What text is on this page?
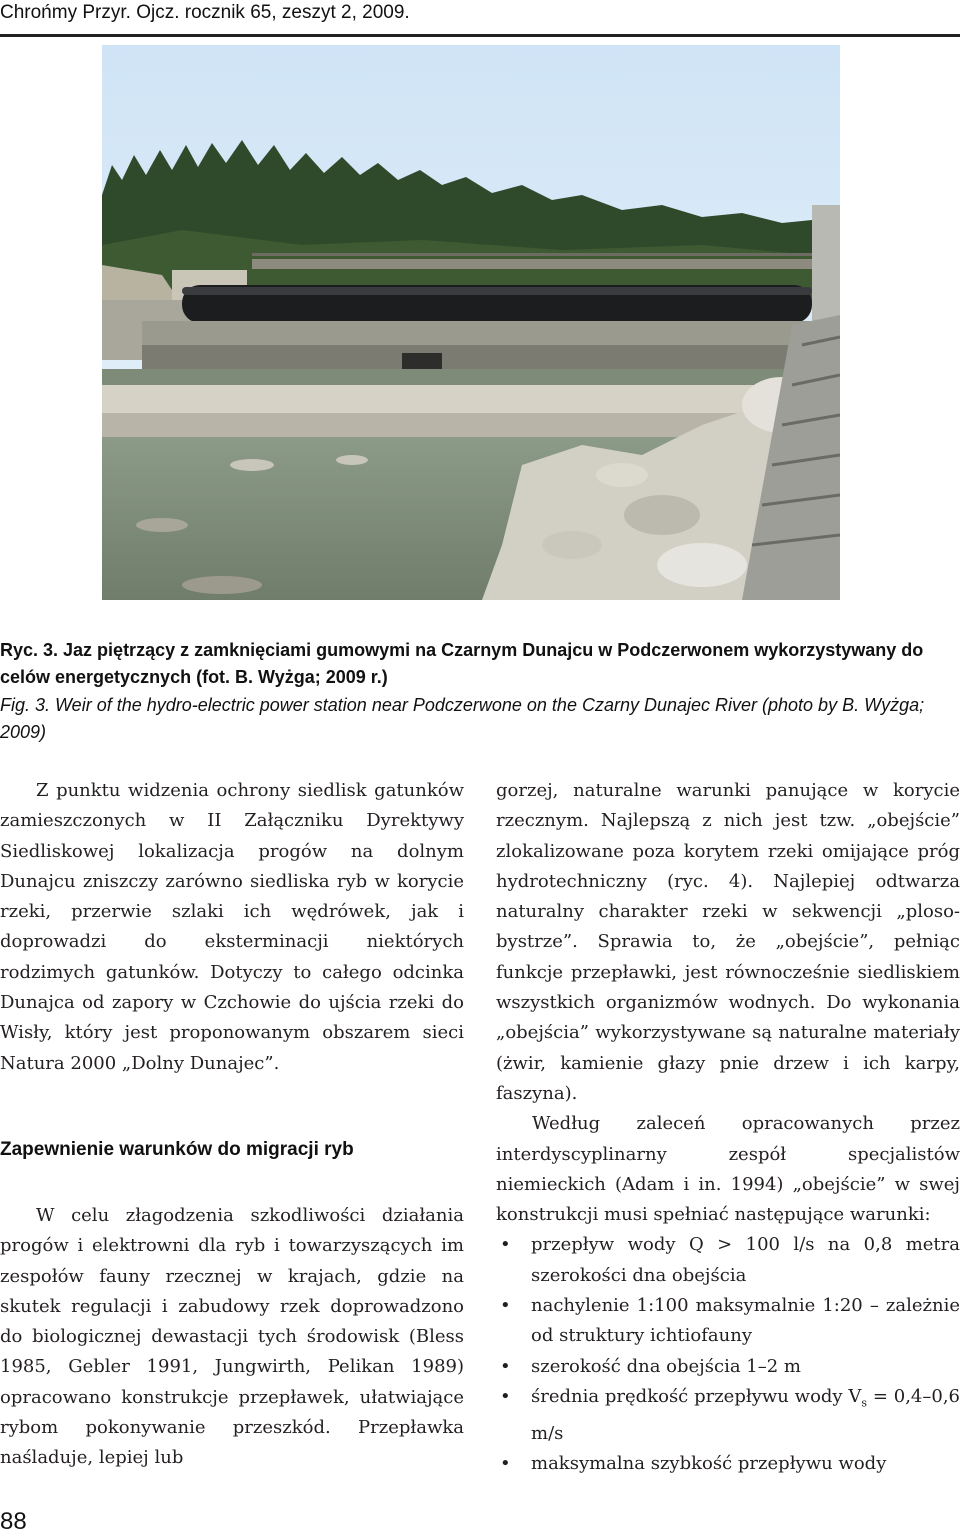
Chrońmy Przyr. Ojcz. rocznik 65, zeszyt 2, 2009.
Ryc. 3. Jaz piętrzący z zamknięciami gumowymi na Czarnym Dunajcu w Podczerwonem wykorzystywany do celów energetycznych (fot. B. Wyżga; 2009 r.)
Fig. 3. Weir of the hydro-electric power station near Podczerwone on the Czarny Dunajec River (photo by B. Wyżga; 2009)

Z punktu widzenia ochrony siedlisk gatunków zamieszczonych w II Załączniku Dyrektywy Siedliskowej lokalizacja progów na dolnym Dunajcu zniszczy zarówno siedliska ryb w korycie rzeki, przerwie szlaki ich wędrówek, jak i doprowadzi do eksterminacji niektórych rodzimych gatunków. Dotyczy to całego odcinka Dunajca od zapory w Czchowie do ujścia rzeki do Wisły, który jest proponowanym obszarem sieci Natura 2000 „Dolny Dunajec”.

Zapewnienie warunków do migracji ryb

W celu złagodzenia szkodliwości działania progów i elektrowni dla ryb i towarzyszących im zespołów fauny rzecznej w krajach, gdzie na skutek regulacji i zabudowy rzek doprowadzono do biologicznej dewastacji tych środowisk (Bless 1985, Gebler 1991, Jungwirth, Pelikan 1989) opracowano konstrukcje przepławek, ułatwiające rybom pokonywanie przeszkód. Przepławka naśladuje, lepiej lub

gorzej, naturalne warunki panujące w korycie rzecznym. Najlepszą z nich jest tzw. „obejście” zlokalizowane poza korytem rzeki omijające próg hydrotechniczny (ryc. 4). Najlepiej odtwarza naturalny charakter rzeki w sekwencji „ploso-bystrze”. Sprawia to, że „obejście”, pełniąc funkcje przepławki, jest równocześnie siedliskiem wszystkich organizmów wodnych. Do wykonania „obejścia” wykorzystywane są naturalne materiały (żwir, kamienie głazy pnie drzew i ich karpy, faszyna).

Według zaleceń opracowanych przez interdyscyplinarny zespół specjalistów niemieckich (Adam i in. 1994) „obejście” w swej konstrukcji musi spełniać następujące warunki:

• przepływ wody Q > 100 l/s na 0,8 metra szerokości dna obejścia
• nachylenie 1:100 maksymalnie 1:20 – zależnie od struktury ichtiofauny
• szerokość dna obejścia 1–2 m
• średnia prędkość przepływu wody $V_s = 0,4-0,6$ m/s
• maksymalna szybkość przepływu wody
88
